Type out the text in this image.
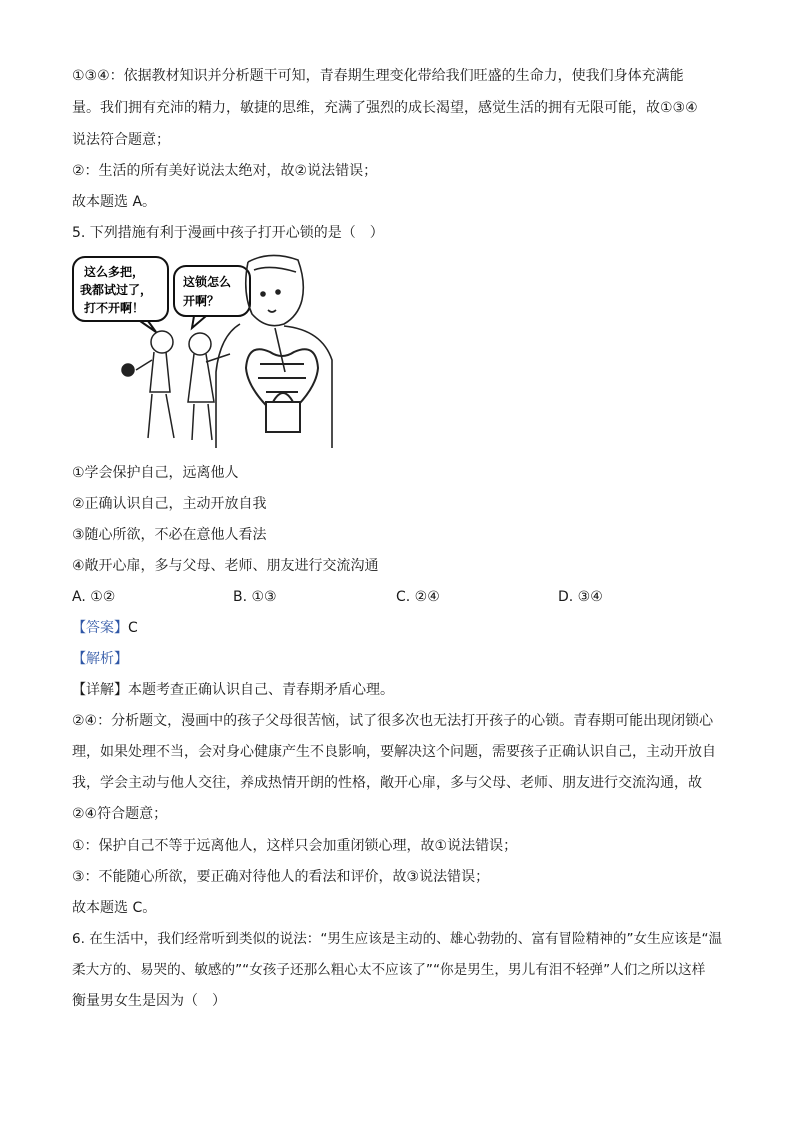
①③④：依据教材知识并分析题干可知，青春期生理变化带给我们旺盛的生命力，使我们身体充满能
量。我们拥有充沛的精力，敏捷的思维，充满了强烈的成长渴望，感觉生活的拥有无限可能，故①③④
说法符合题意；
②：生活的所有美好说法太绝对，故②说法错误；
故本题选 A。
5. 下列措施有利于漫画中孩子打开心锁的是（　）
这么多把，
我都试过了，
打不开啊！
这锁怎么
开啊？
①学会保护自己，远离他人
②正确认识自己，主动开放自我
③随心所欲，不必在意他人看法
④敞开心扉，多与父母、老师、朋友进行交流沟通
A. ①②	B. ①③	C. ②④	D. ③④
【答案】C
【解析】
【详解】本题考查正确认识自己、青春期矛盾心理。
②④：分析题文，漫画中的孩子父母很苦恼，试了很多次也无法打开孩子的心锁。青春期可能出现闭锁心
理，如果处理不当，会对身心健康产生不良影响，要解决这个问题，需要孩子正确认识自己，主动开放自
我，学会主动与他人交往，养成热情开朗的性格，敞开心扉，多与父母、老师、朋友进行交流沟通，故
②④符合题意；
①：保护自己不等于远离他人，这样只会加重闭锁心理，故①说法错误；
③：不能随心所欲，要正确对待他人的看法和评价，故③说法错误；
故本题选 C。
6. 在生活中，我们经常听到类似的说法：“男生应该是主动的、雄心勃勃的、富有冒险精神的”女生应该是“温
柔大方的、易哭的、敏感的”“女孩子还那么粗心太不应该了”“你是男生，男儿有泪不轻弹”人们之所以这样
衡量男女生是因为（　）
